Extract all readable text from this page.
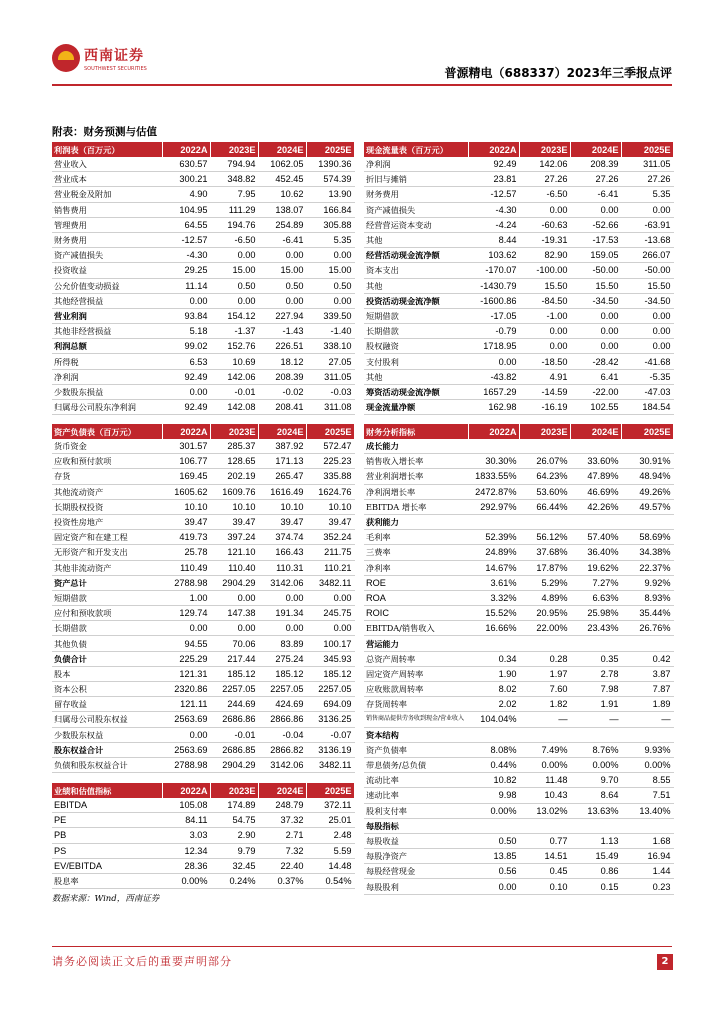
西南证券
SOUTHWEST SECURITIES	普源精电（688337）2023年三季报点评
附表：财务预测与估值
利润表（百万元）	2022A	2023E	2024E	2025E
营业收入	630.57	794.94	1062.05	1390.36
营业成本	300.21	348.82	452.45	574.39
营业税金及附加	4.90	7.95	10.62	13.90
销售费用	104.95	111.29	138.07	166.84
管理费用	64.55	194.76	254.89	305.88
财务费用	-12.57	-6.50	-6.41	5.35
资产减值损失	-4.30	0.00	0.00	0.00
投资收益	29.25	15.00	15.00	15.00
公允价值变动损益	11.14	0.50	0.50	0.50
其他经营损益	0.00	0.00	0.00	0.00
营业利润	93.84	154.12	227.94	339.50
其他非经营损益	5.18	-1.37	-1.43	-1.40
利润总额	99.02	152.76	226.51	338.10
所得税	6.53	10.69	18.12	27.05
净利润	92.49	142.06	208.39	311.05
少数股东损益	0.00	-0.01	-0.02	-0.03
归属母公司股东净利润	92.49	142.08	208.41	311.08
现金流量表（百万元）	2022A	2023E	2024E	2025E
净利润	92.49	142.06	208.39	311.05
折旧与摊销	23.81	27.26	27.26	27.26
财务费用	-12.57	-6.50	-6.41	5.35
资产减值损失	-4.30	0.00	0.00	0.00
经营营运资本变动	-4.24	-60.63	-52.66	-63.91
其他	8.44	-19.31	-17.53	-13.68
经营活动现金流净额	103.62	82.90	159.05	266.07
资本支出	-170.07	-100.00	-50.00	-50.00
其他	-1430.79	15.50	15.50	15.50
投资活动现金流净额	-1600.86	-84.50	-34.50	-34.50
短期借款	-17.05	-1.00	0.00	0.00
长期借款	-0.79	0.00	0.00	0.00
股权融资	1718.95	0.00	0.00	0.00
支付股利	0.00	-18.50	-28.42	-41.68
其他	-43.82	4.91	6.41	-5.35
筹资活动现金流净额	1657.29	-14.59	-22.00	-47.03
现金流量净额	162.98	-16.19	102.55	184.54
资产负债表（百万元）	2022A	2023E	2024E	2025E
货币资金	301.57	285.37	387.92	572.47
应收和预付款项	106.77	128.65	171.13	225.23
存货	169.45	202.19	265.47	335.88
其他流动资产	1605.62	1609.76	1616.49	1624.76
长期股权投资	10.10	10.10	10.10	10.10
投资性房地产	39.47	39.47	39.47	39.47
固定资产和在建工程	419.73	397.24	374.74	352.24
无形资产和开发支出	25.78	121.10	166.43	211.75
其他非流动资产	110.49	110.40	110.31	110.21
资产总计	2788.98	2904.29	3142.06	3482.11
短期借款	1.00	0.00	0.00	0.00
应付和预收款项	129.74	147.38	191.34	245.75
长期借款	0.00	0.00	0.00	0.00
其他负债	94.55	70.06	83.89	100.17
负债合计	225.29	217.44	275.24	345.93
股本	121.31	185.12	185.12	185.12
资本公积	2320.86	2257.05	2257.05	2257.05
留存收益	121.11	244.69	424.69	694.09
归属母公司股东权益	2563.69	2686.86	2866.86	3136.25
少数股东权益	0.00	-0.01	-0.04	-0.07
股东权益合计	2563.69	2686.85	2866.82	3136.19
负债和股东权益合计	2788.98	2904.29	3142.06	3482.11
财务分析指标	2022A	2023E	2024E	2025E
成长能力				
销售收入增长率	30.30%	26.07%	33.60%	30.91%
营业利润增长率	1833.55%	64.23%	47.89%	48.94%
净利润增长率	2472.87%	53.60%	46.69%	49.26%
EBITDA 增长率	292.97%	66.44%	42.26%	49.57%
获利能力				
毛利率	52.39%	56.12%	57.40%	58.69%
三费率	24.89%	37.68%	36.40%	34.38%
净利率	14.67%	17.87%	19.62%	22.37%
ROE	3.61%	5.29%	7.27%	9.92%
ROA	3.32%	4.89%	6.63%	8.93%
ROIC	15.52%	20.95%	25.98%	35.44%
EBITDA/销售收入	16.66%	22.00%	23.43%	26.76%
营运能力				
总资产周转率	0.34	0.28	0.35	0.42
固定资产周转率	1.90	1.97	2.78	3.87
应收账款周转率	8.02	7.60	7.98	7.87
存货周转率	2.02	1.82	1.91	1.89
销售商品提供劳务收到现金/营业收入	104.04%	—	—	—
资本结构				
资产负债率	8.08%	7.49%	8.76%	9.93%
带息债务/总负债	0.44%	0.00%	0.00%	0.00%
流动比率	10.82	11.48	9.70	8.55
速动比率	9.98	10.43	8.64	7.51
股利支付率	0.00%	13.02%	13.63%	13.40%
每股指标				
每股收益	0.50	0.77	1.13	1.68
每股净资产	13.85	14.51	15.49	16.94
每股经营现金	0.56	0.45	0.86	1.44
每股股利	0.00	0.10	0.15	0.23
业绩和估值指标	2022A	2023E	2024E	2025E
EBITDA	105.08	174.89	248.79	372.11
PE	84.11	54.75	37.32	25.01
PB	3.03	2.90	2.71	2.48
PS	12.34	9.79	7.32	5.59
EV/EBITDA	28.36	32.45	22.40	14.48
股息率	0.00%	0.24%	0.37%	0.54%
数据来源：Wind，西南证券
请务必阅读正文后的重要声明部分	2
